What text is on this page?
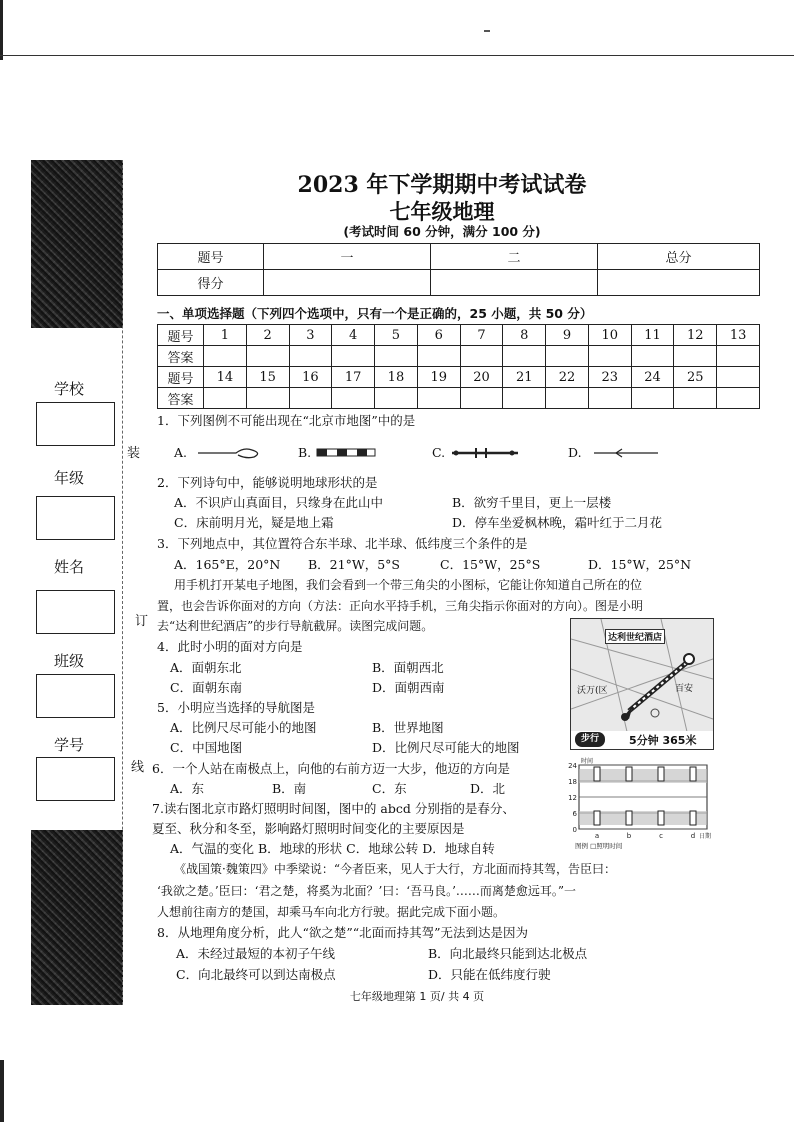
学校
年级
姓名
班级
学号
装
订
线
2023 年下学期期中考试试卷
七年级地理
(考试时间 60 分钟，满分 100 分)
题号	一	二	总分
得分			
一、单项选择题（下列四个选项中，只有一个是正确的，25 小题，共 50 分）
题号	1	2	3	4	5	6	7	8	9	10	11	12	13
答案													
题号	14	15	16	17	18	19	20	21	22	23	24	25	
答案													
1．下列图例不可能出现在“北京市地图”中的是
A.	B.	C.	D.
2．下列诗句中，能够说明地球形状的是
A．不识庐山真面目，只缘身在此山中	B．欲穷千里目，更上一层楼
C．床前明月光，疑是地上霜	D．停车坐爱枫林晚，霜叶红于二月花
3．下列地点中，其位置符合东半球、北半球、低纬度三个条件的是
A．165°E，20°N B．21°W，5°S	C．15°W，25°S	D．15°W，25°N
用手机打开某电子地图，我们会看到一个带三角尖的小图标，它能让你知道自己所在的位
置，也会告诉你面对的方向（方法：正向水平持手机，三角尖指示你面对的方向）。图是小明
去“达利世纪酒店”的步行导航截屏。读图完成问题。
达利世纪酒店
沃万(区	百安
步行	5分钟 365米
4．此时小明的面对方向是
A．面朝东北	B．面朝西北
C．面朝东南	D．面朝西南
5．小明应当选择的导航图是
A．比例尺尽可能小的地图	B．世界地图
C．中国地图	D．比例尺尽可能大的地图
6．一个人站在南极点上，向他的右前方迈一大步，他迈的方向是
A．东	B．南	C．东	D．北
24
18
12
6
0
a	b	c	d
时间
日期
图例 □照明时间
7.读右图北京市路灯照明时间图，图中的 abcd 分别指的是春分、
夏至、秋分和冬至，影响路灯照明时间变化的主要原因是
A．气温的变化 B．地球的形状 C．地球公转 D．地球自转
《战国策·魏策四》中季梁说：“今者臣来，见人于大行，方北面而持其驾，告臣曰：
‘我欲之楚。’臣曰：‘君之楚，将奚为北面？’曰：‘吾马良。’……而离楚愈远耳。”一
人想前往南方的楚国，却乘马车向北方行驶。据此完成下面小题。
8．从地理角度分析，此人“欲之楚”“北面而持其驾”无法到达是因为
A．未经过最短的本初子午线	B．向北最终只能到达北极点
C．向北最终可以到达南极点	D．只能在低纬度行驶
七年级地理第 1 页/ 共 4 页
